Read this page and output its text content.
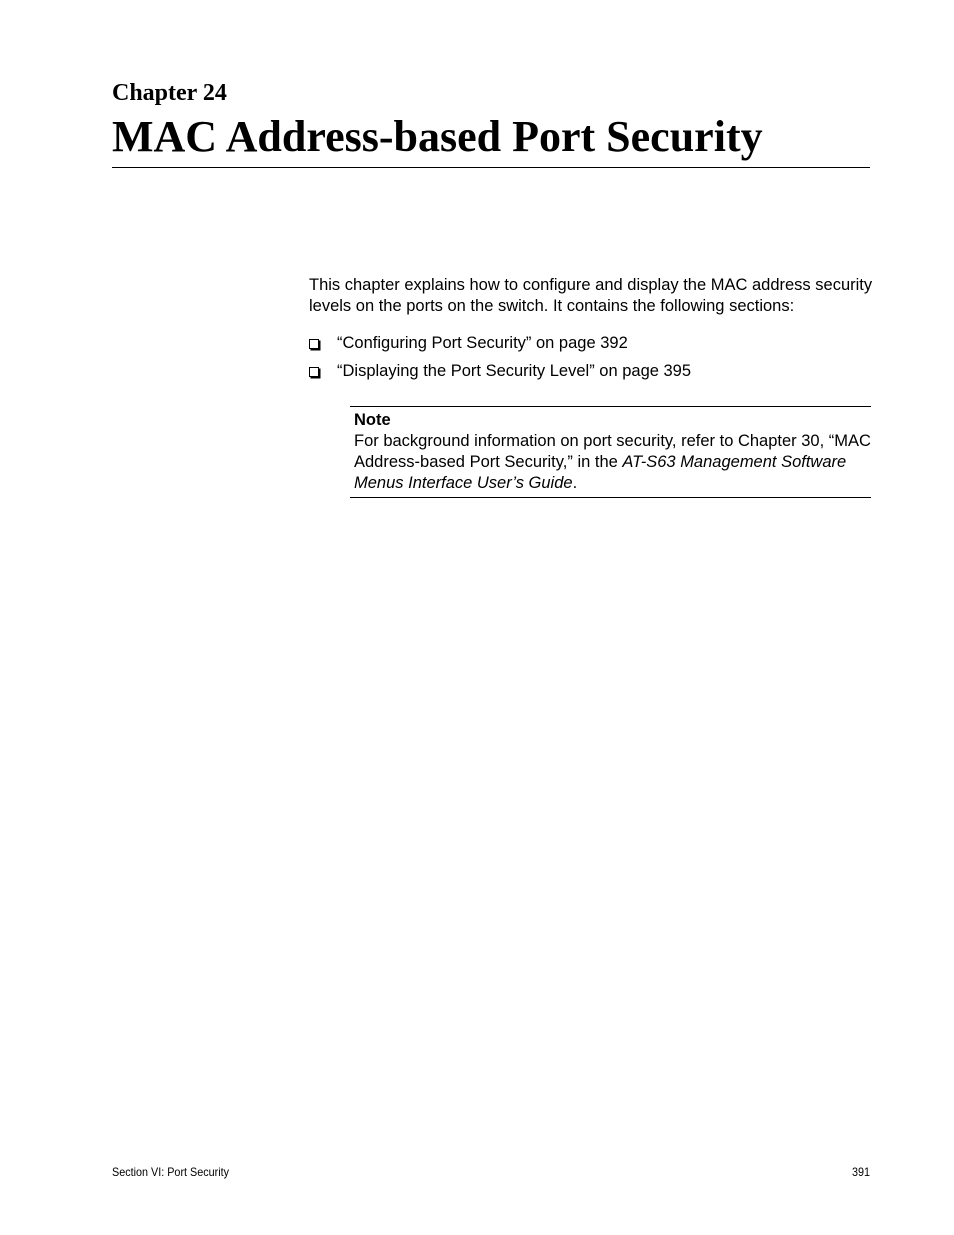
Chapter 24
MAC Address-based Port Security

This chapter explains how to configure and display the MAC address security levels on the ports on the switch. It contains the following sections:

“Configuring Port Security” on page 392
“Displaying the Port Security Level” on page 395

Note

For background information on port security, refer to Chapter 30, “MAC Address-based Port Security,” in the AT-S63 Management Software Menus Interface User’s Guide.

Section VI: Port Security	391
